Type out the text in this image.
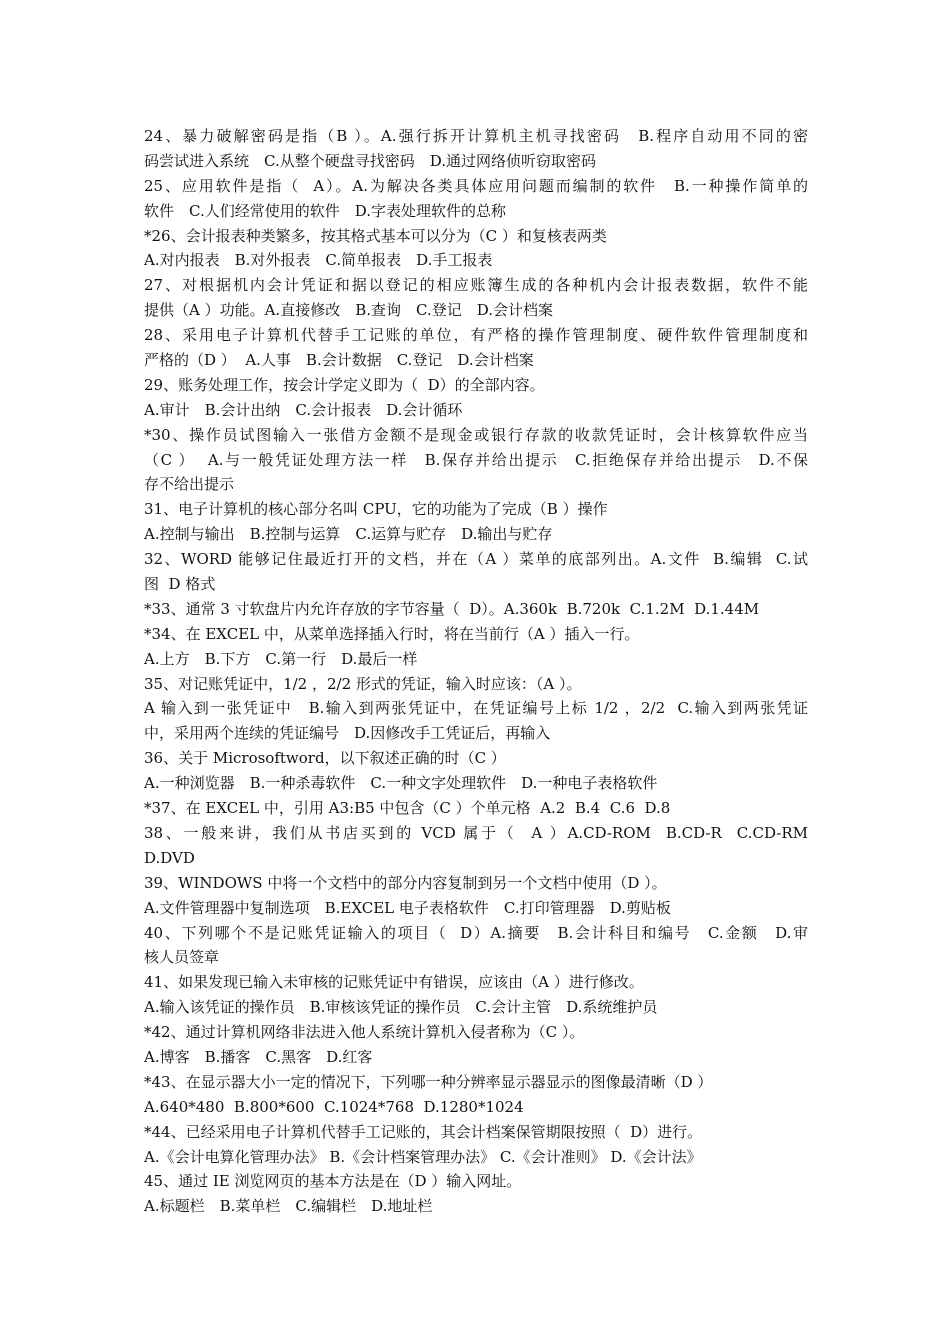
24、暴力破解密码是指（B ）。A.强行拆开计算机主机寻找密码　B.程序自动用不同的密
码尝试进入系统　C.从整个硬盘寻找密码　D.通过网络侦听窃取密码
25、应用软件是指（  A）。A.为解决各类具体应用问题而编制的软件　B.一种操作简单的
软件　C.人们经常使用的软件　D.字表处理软件的总称
*26、会计报表种类繁多，按其格式基本可以分为（C ）和复核表两类
A.对内报表　B.对外报表　C.简单报表　D.手工报表
27、对根据机内会计凭证和据以登记的相应账簿生成的各种机内会计报表数据，软件不能
提供（A ）功能。A.直接修改　B.查询　C.登记　D.会计档案
28、采用电子计算机代替手工记账的单位，有严格的操作管理制度、硬件软件管理制度和
严格的（D ）  A.人事　B.会计数据　C.登记　D.会计档案
29、账务处理工作，按会计学定义即为（  D）的全部内容。
A.审计　B.会计出纳　C.会计报表　D.会计循环
*30、操作员试图输入一张借方金额不是现金或银行存款的收款凭证时，会计核算软件应当
（C ）  A.与一般凭证处理方法一样　B.保存并给出提示　C.拒绝保存并给出提示　D.不保
存不给出提示
31、电子计算机的核心部分名叫 CPU，它的功能为了完成（B ）操作
A.控制与输出　B.控制与运算　C.运算与贮存　D.输出与贮存
32、WORD 能够记住最近打开的文档，并在（A ）菜单的底部列出。A.文件  B.编辑  C.试
图  D 格式
*33、通常 3 寸软盘片内允许存放的字节容量（  D）。A.360k  B.720k  C.1.2M  D.1.44M
*34、在 EXCEL 中，从菜单选择插入行时，将在当前行（A ）插入一行。
A.上方　B.下方　C.第一行　D.最后一样
35、对记账凭证中，1/2 ，2/2 形式的凭证，输入时应该：（A ）。
A 输入到一张凭证中　B.输入到两张凭证中，在凭证编号上标 1/2 ，2/2  C.输入到两张凭证
中，采用两个连续的凭证编号　D.因修改手工凭证后，再输入
36、关于 Microsoftword，以下叙述正确的时（C ）
A.一种浏览器　B.一种杀毒软件　C.一种文字处理软件　D.一种电子表格软件
*37、在 EXCEL 中，引用 A3:B5 中包含（C ）个单元格  A.2  B.4  C.6  D.8
38、一般来讲，我们从书店买到的 VCD 属于（  A ）A.CD-ROM  B.CD-R  C.CD-RM
D.DVD
39、WINDOWS 中将一个文档中的部分内容复制到另一个文档中使用（D ）。
A.文件管理器中复制选项　B.EXCEL 电子表格软件　C.打印管理器　D.剪贴板
40、下列哪个不是记账凭证输入的项目（  D）A.摘要　B.会计科目和编号　C.金额　D.审
核人员签章
41、如果发现已输入未审核的记账凭证中有错误，应该由（A ）进行修改。
A.输入该凭证的操作员　B.审核该凭证的操作员　C.会计主管　D.系统维护员
*42、通过计算机网络非法进入他人系统计算机入侵者称为（C ）。
A.博客　B.播客　C.黑客　D.红客
*43、在显示器大小一定的情况下，下列哪一种分辨率显示器显示的图像最清晰（D ）
A.640*480  B.800*600  C.1024*768  D.1280*1024
*44、已经采用电子计算机代替手工记账的，其会计档案保管期限按照（  D）进行。
A.《会计电算化管理办法》 B.《会计档案管理办法》 C.《会计准则》 D.《会计法》
45、通过 IE 浏览网页的基本方法是在（D ）输入网址。
A.标题栏　B.菜单栏　C.编辑栏　D.地址栏
